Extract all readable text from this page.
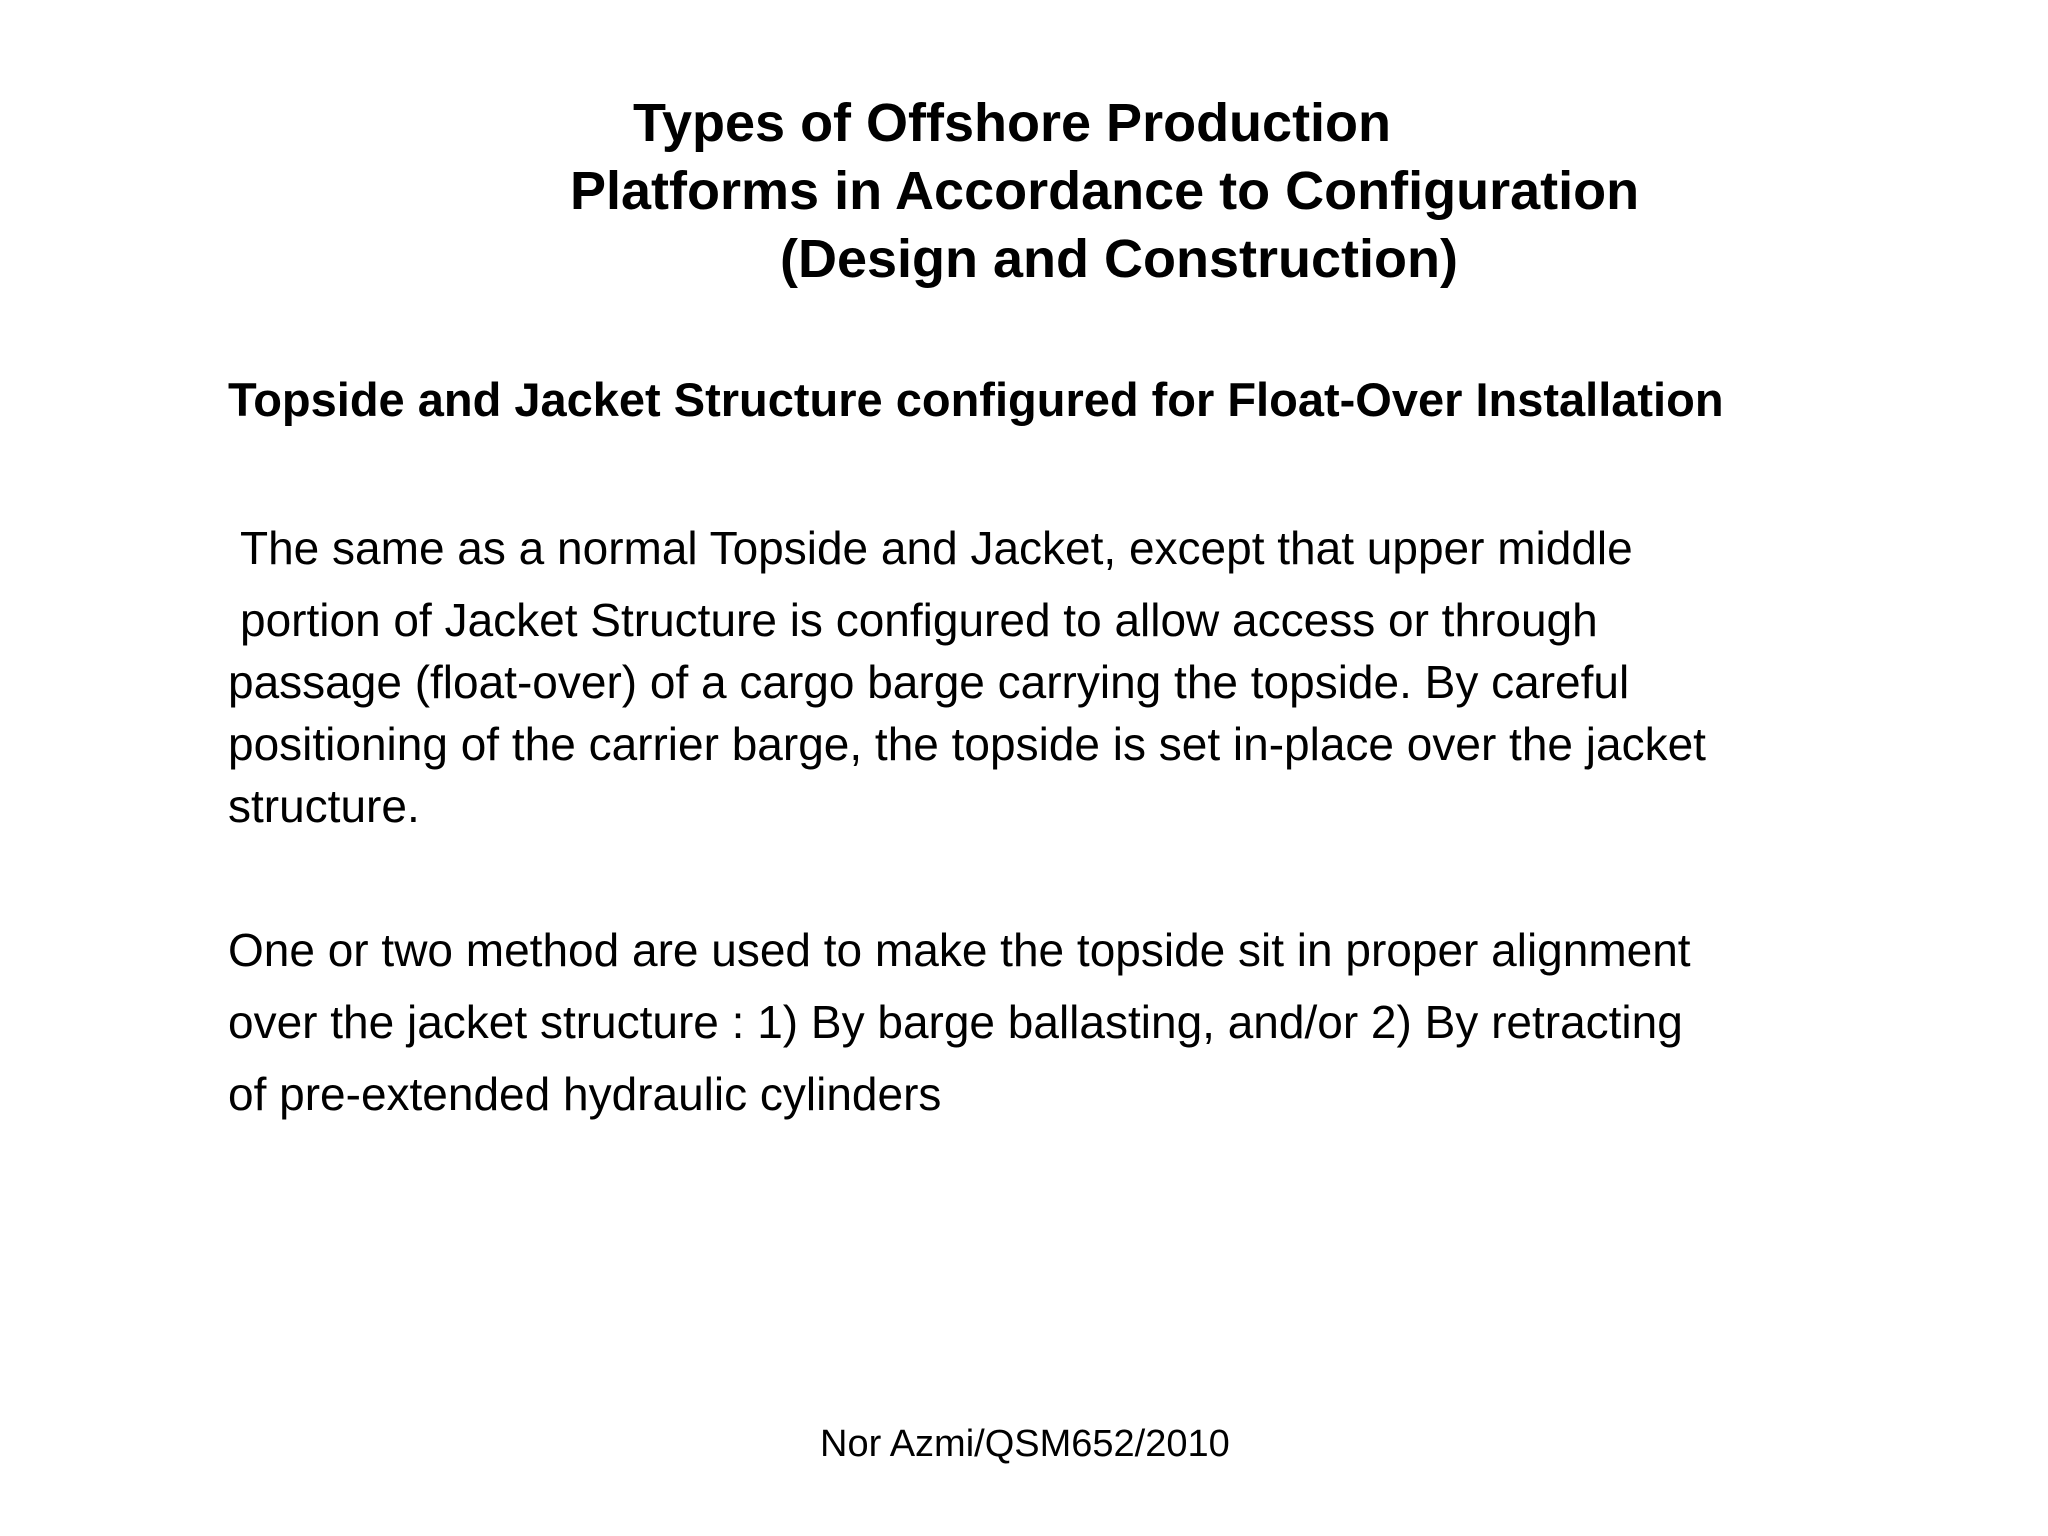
Types of Offshore Production
Platforms in Accordance to Configuration
(Design and Construction)
Topside and Jacket Structure configured for Float-Over Installation
The same as a normal Topside and Jacket, except that upper middle
portion of Jacket Structure is configured to allow access or through
passage (float-over) of a cargo barge carrying the topside. By careful
positioning of the carrier barge, the topside is set in-place over the jacket
structure.
One or two method are used to make the topside sit in proper alignment
over the jacket structure : 1) By barge ballasting, and/or 2) By retracting
of pre-extended hydraulic cylinders
Nor Azmi/QSM652/2010
